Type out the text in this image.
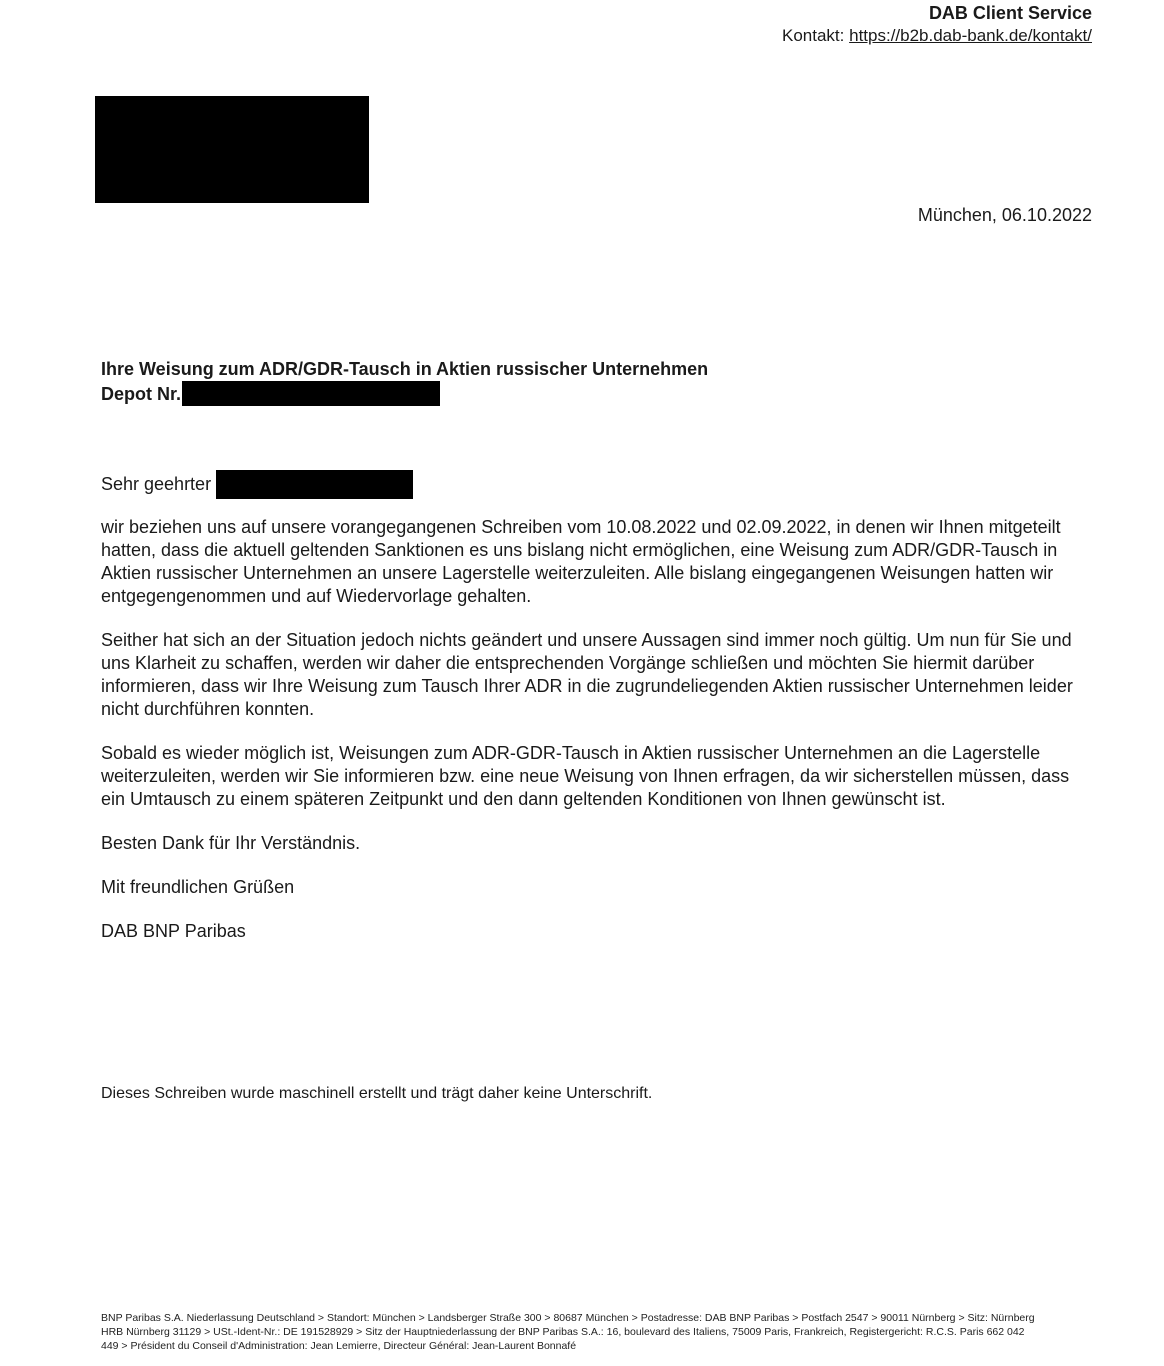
DAB Client Service
Kontakt: https://b2b.dab-bank.de/kontakt/
München, 06.10.2022
Ihre Weisung zum ADR/GDR-Tausch in Aktien russischer Unternehmen
Depot Nr.
Sehr geehrter

wir beziehen uns auf unsere vorangegangenen Schreiben vom 10.08.2022 und 02.09.2022, in denen wir Ihnen mitgeteilt hatten, dass die aktuell geltenden Sanktionen es uns bislang nicht ermöglichen, eine Weisung zum ADR/GDR-Tausch in Aktien russischer Unternehmen an unsere Lagerstelle weiterzuleiten. Alle bislang eingegangenen Weisungen hatten wir entgegengenommen und auf Wiedervorlage gehalten.

Seither hat sich an der Situation jedoch nichts geändert und unsere Aussagen sind immer noch gültig. Um nun für Sie und uns Klarheit zu schaffen, werden wir daher die entsprechenden Vorgänge schließen und möchten Sie hiermit darüber informieren, dass wir Ihre Weisung zum Tausch Ihrer ADR in die zugrundeliegenden Aktien russischer Unternehmen leider nicht durchführen konnten.

Sobald es wieder möglich ist, Weisungen zum ADR-GDR-Tausch in Aktien russischer Unternehmen an die Lagerstelle weiterzuleiten, werden wir Sie informieren bzw. eine neue Weisung von Ihnen erfragen, da wir sicherstellen müssen, dass ein Umtausch zu einem späteren Zeitpunkt und den dann geltenden Konditionen von Ihnen gewünscht ist.

Besten Dank für Ihr Verständnis.

Mit freundlichen Grüßen

DAB BNP Paribas

Dieses Schreiben wurde maschinell erstellt und trägt daher keine Unterschrift.
BNP Paribas S.A. Niederlassung Deutschland > Standort: München > Landsberger Straße 300 > 80687 München > Postadresse: DAB BNP Paribas > Postfach 2547 > 90011 Nürnberg > Sitz: Nürnberg HRB Nürnberg 31129 > USt.-Ident-Nr.: DE 191528929 > Sitz der Hauptniederlassung der BNP Paribas S.A.: 16, boulevard des Italiens, 75009 Paris, Frankreich, Registergericht: R.C.S. Paris 662 042 449 > Président du Conseil d'Administration: Jean Lemierre, Directeur Général: Jean-Laurent Bonnafé
